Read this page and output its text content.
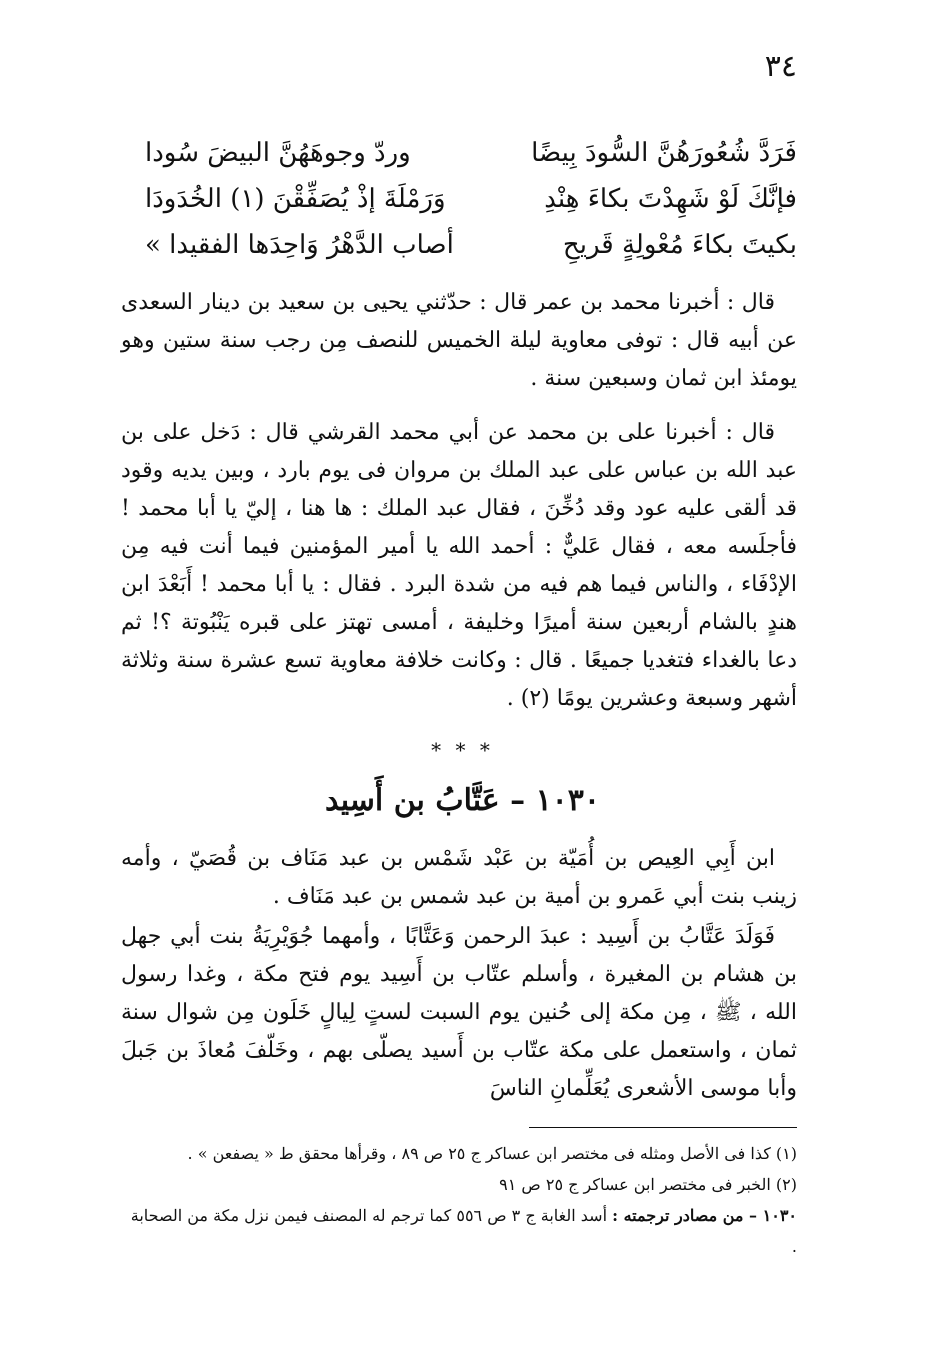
٣٤
فَرَدَّ شُعُورَهُنَّ السُّودَ بِيضًا
وردّ وجوهَهُنَّ البيضَ سُودا
فإنَّكَ لَوْ شَهِدْتَ بكاءَ هِنْدِ
وَرَمْلَةَ إذْ يُصَفِّقْنَ (١) الخُدَودَا
بكيتَ بكاءَ مُعْولِةٍ قَريحِ
أصاب الدَّهْرُ وَاحِدَها الفقيدا »

قال : أخبرنا محمد بن عمر قال : حدّثني يحيى بن سعيد بن دينار السعدى عن أبيه قال : توفى معاوية ليلة الخميس للنصف مِن رجب سنة ستين وهو يومئذ ابن ثمان وسبعين سنة .

قال : أخبرنا على بن محمد عن أبي محمد القرشي قال : دَخل على بن عبد الله بن عباس على عبد الملك بن مروان فى يوم بارد ، وبين يديه وقود قد ألقى عليه عود وقد دُخِّنَ ، فقال عبد الملك : ها هنا ، إليّ يا أبا محمد ! فأجلَسه معه ، فقال عَليٌّ : أحمد الله يا أمير المؤمنين فيما أنت فيه مِن الإدْفَاء ، والناس فيما هم فيه من شدة البرد . فقال : يا أبا محمد ! أَبَعْدَ ابن هندٍ بالشام أربعين سنة أميرًا وخليفة ، أمسى تهتز على قبره يَنْبُوتة ؟! ثم دعا بالغداء فتغديا جميعًا . قال : وكانت خلافة معاوية تسع عشرة سنة وثلاثة أشهر وسبعة وعشرين يومًا (٢) .

* * *
١٠٣٠ – عَتَّابُ بن أَسِيد

ابن أَبِي العِيص بن أُمَيّة بن عَبْد شَمْس بن عبد مَنَاف بن قُصَيّ ، وأمه زينب بنت أبي عَمرو بن أمية بن عبد شمس بن عبد مَنَاف .

فَوَلَدَ عَتَّابُ بن أَسِيد : عبدَ الرحمن وَعَتَّابًا ، وأمهما جُوَيْرِيَةُ بنت أبي جهل بن هشام بن المغيرة ، وأسلم عتّاب بن أَسِيد يوم فتح مكة ، وغدا رسول الله ، ﷺ ، مِن مكة إلى حُنين يوم السبت لستٍ لِيالٍ خَلَون مِن شوال سنة ثمان ، واستعمل على مكة عتّاب بن أَسيد يصلّى بهم ، وخَلّفَ مُعاذَ بن جَبلَ وأبا موسى الأشعرى يُعَلِّمانِ الناسَ

(١) كذا فى الأصل ومثله فى مختصر ابن عساكر ج ٢٥ ص ٨٩ ، وقرأها محقق ط « يصفعن » .

(٢) الخبر فى مختصر ابن عساكر ج ٢٥ ص ٩١

١٠٣٠ – من مصادر ترجمته : أسد الغابة ج ٣ ص ٥٥٦ كما ترجم له المصنف فيمن نزل مكة من الصحابة .
